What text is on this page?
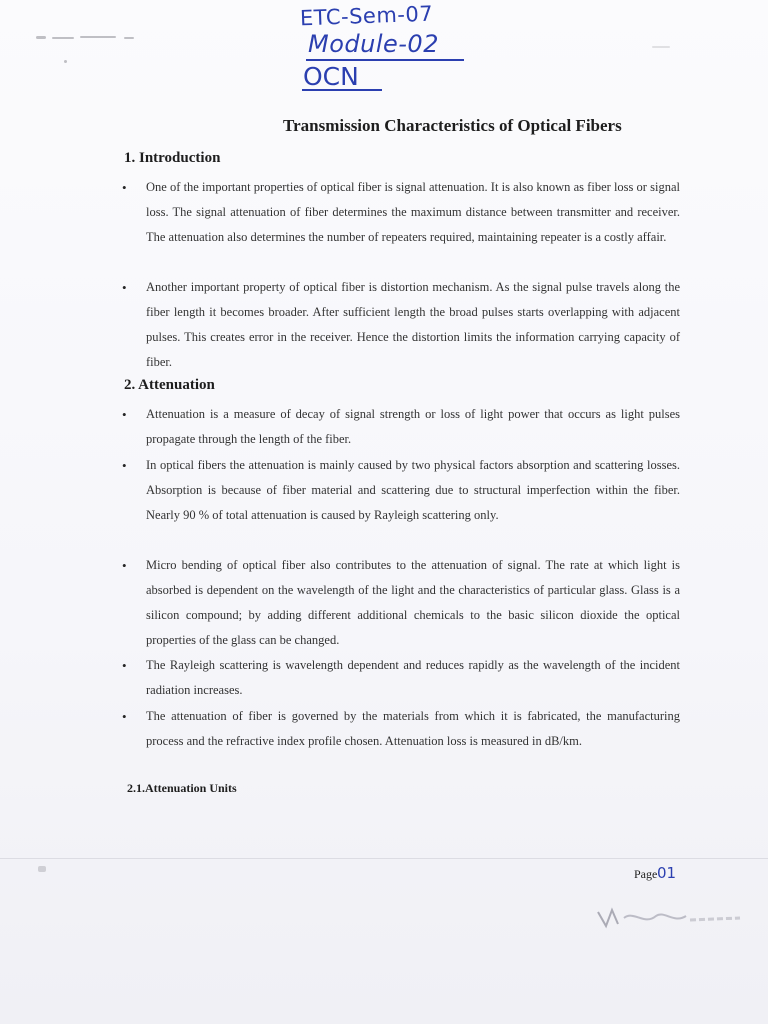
ETC-Sem-07
Module-02
OCN
Transmission Characteristics of Optical Fibers
1. Introduction
• One of the important properties of optical fiber is signal attenuation. It is also known as fiber loss or signal loss. The signal attenuation of fiber determines the maximum distance between transmitter and receiver. The attenuation also determines the number of repeaters required, maintaining repeater is a costly affair.
• Another important property of optical fiber is distortion mechanism. As the signal pulse travels along the fiber length it becomes broader. After sufficient length the broad pulses starts overlapping with adjacent pulses. This creates error in the receiver. Hence the distortion limits the information carrying capacity of fiber.
2. Attenuation
• Attenuation is a measure of decay of signal strength or loss of light power that occurs as light pulses propagate through the length of the fiber.
• In optical fibers the attenuation is mainly caused by two physical factors absorption and scattering losses. Absorption is because of fiber material and scattering due to structural imperfection within the fiber. Nearly 90 % of total attenuation is caused by Rayleigh scattering only.
• Micro bending of optical fiber also contributes to the attenuation of signal. The rate at which light is absorbed is dependent on the wavelength of the light and the characteristics of particular glass. Glass is a silicon compound; by adding different additional chemicals to the basic silicon dioxide the optical properties of the glass can be changed.
• The Rayleigh scattering is wavelength dependent and reduces rapidly as the wavelength of the incident radiation increases.
• The attenuation of fiber is governed by the materials from which it is fabricated, the manufacturing process and the refractive index profile chosen. Attenuation loss is measured in dB/km.
2.1.Attenuation Units
Page 01
